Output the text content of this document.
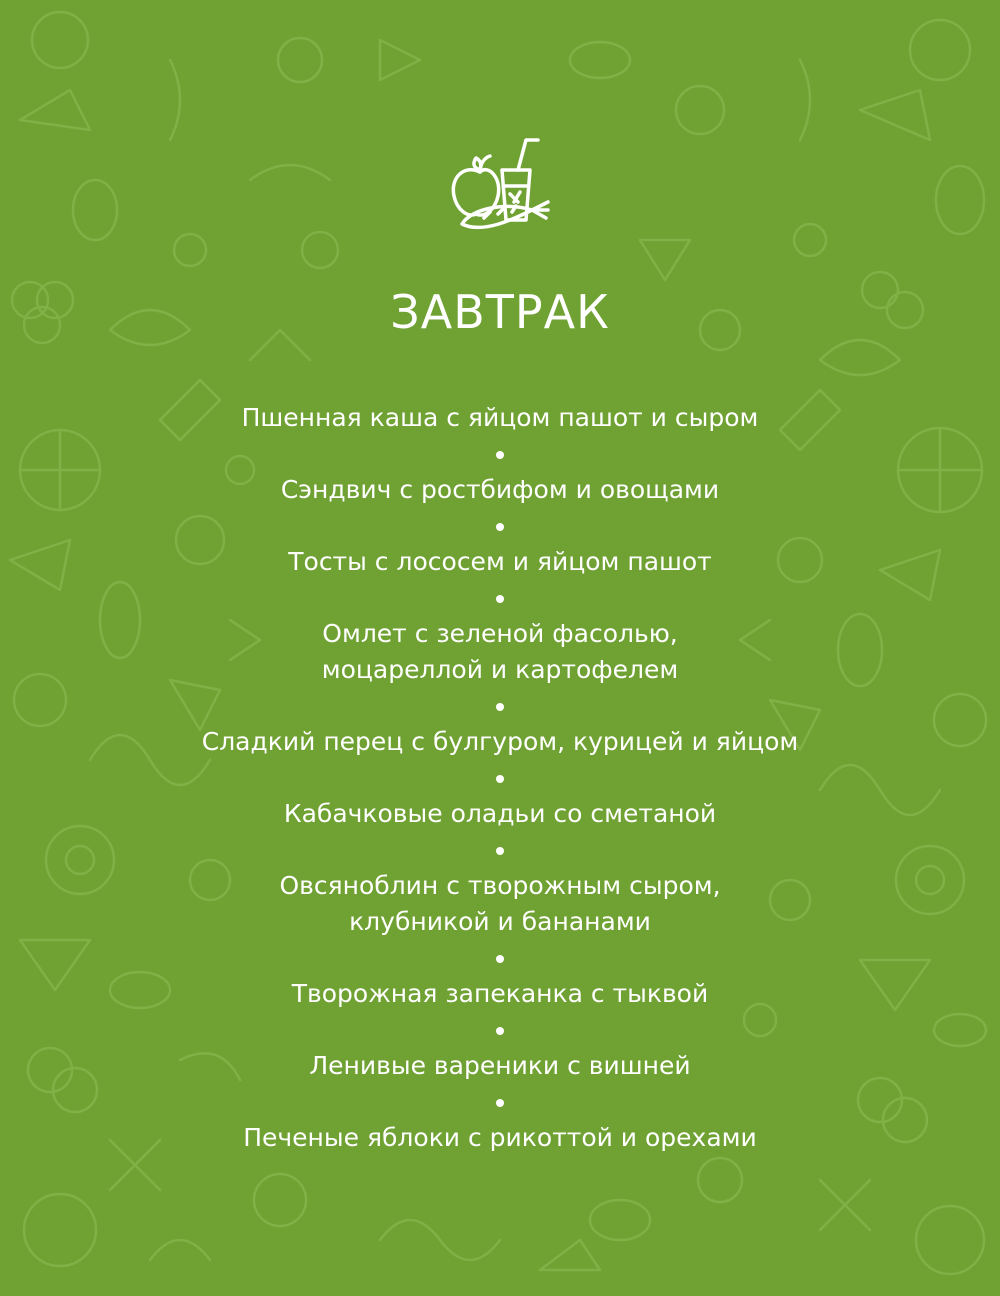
ЗАВТРАК

Пшенная каша с яйцом пашот и сыром

Сэндвич с ростбифом и овощами

Тосты с лососем и яйцом пашот

Омлет с зеленой фасолью,

моцареллой и картофелем

Сладкий перец с булгуром, курицей и яйцом

Кабачковые оладьи со сметаной

Овсяноблин с творожным сыром,

клубникой и бананами

Творожная запеканка с тыквой

Ленивые вареники с вишней

Печеные яблоки с рикоттой и орехами
